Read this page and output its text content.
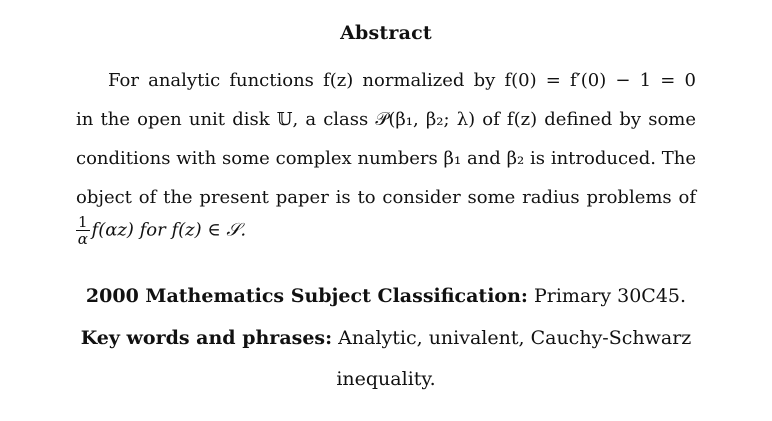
Abstract
For analytic functions f(z) normalized by f(0) = f′(0) − 1 = 0
in the open unit disk 𝕌, a class 𝒫(β₁, β₂; λ) of f(z) defined by some
conditions with some complex numbers β₁ and β₂ is introduced. The
object of the present paper is to consider some radius problems of
$\frac{1}{\alpha} f(\alpha z)$ for f(z) ∈ 𝒮.
2000 Mathematics Subject Classification: Primary 30C45.
Key words and phrases: Analytic, univalent, Cauchy-Schwarz
inequality.
